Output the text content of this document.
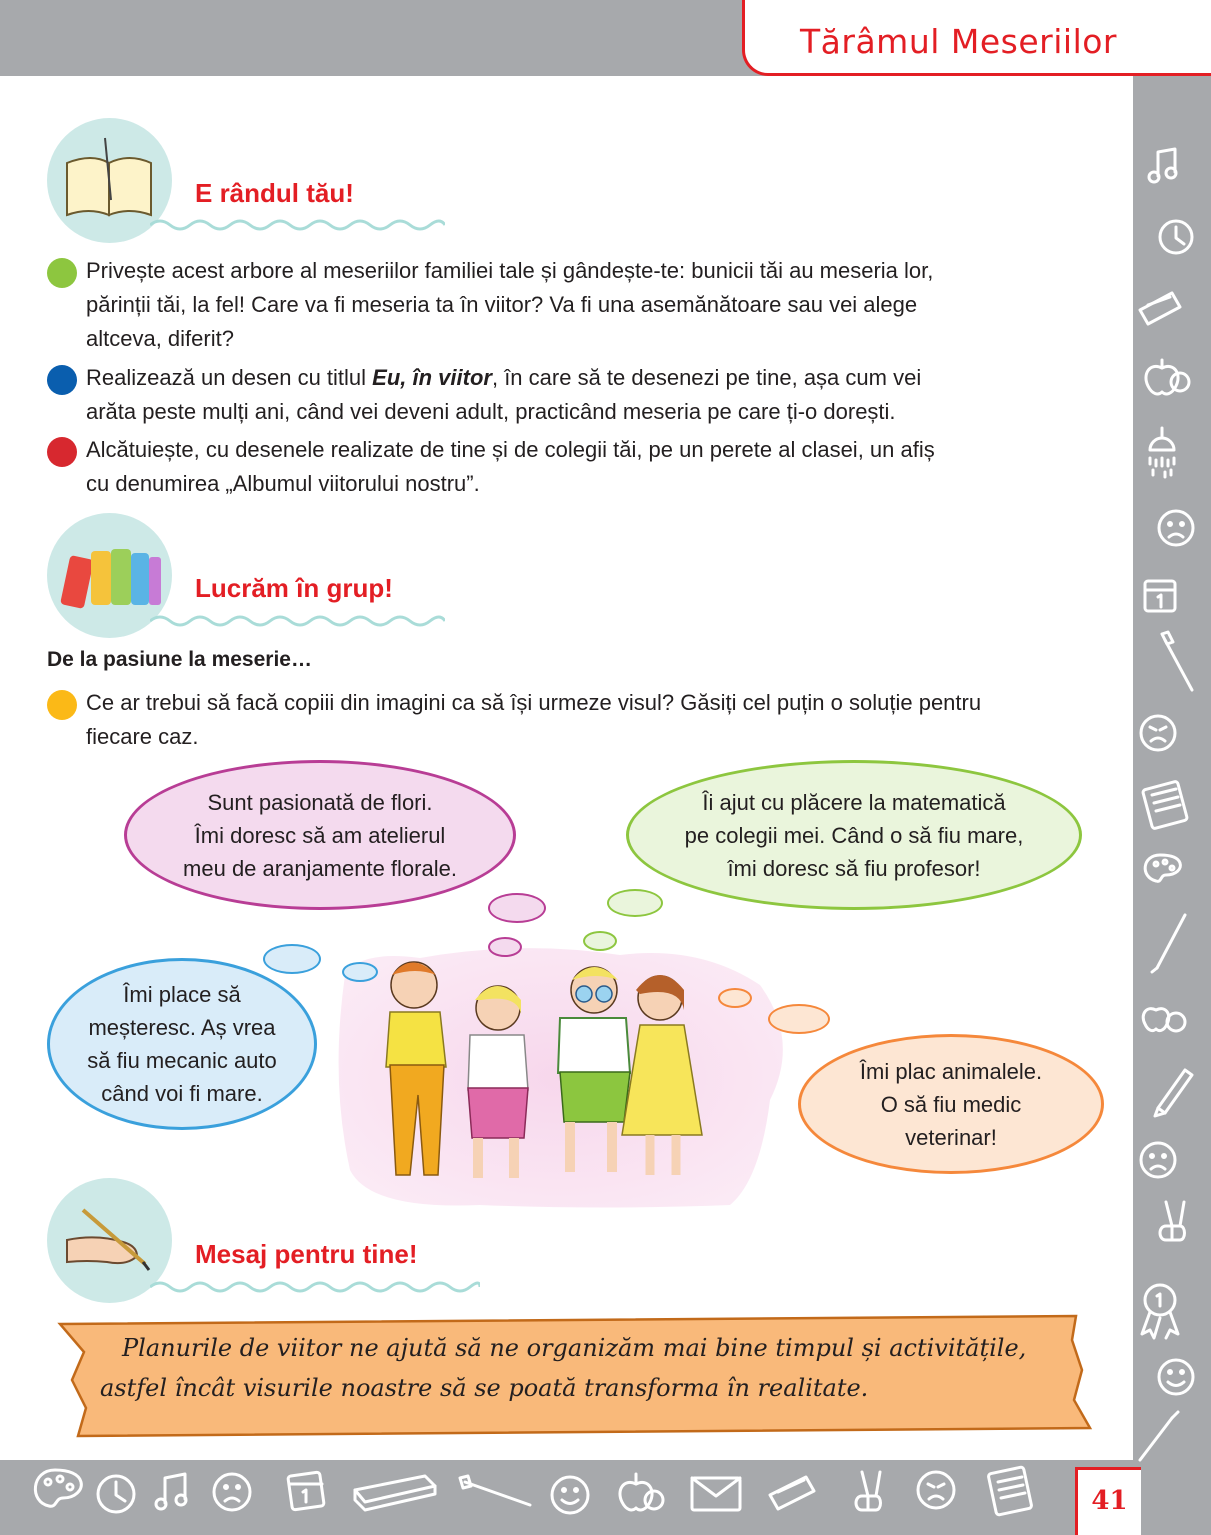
Tărâmul Meseriilor
41
E rândul tău!
Privește acest arbore al meseriilor familiei tale și gândește-te: bunicii tăi au meseria lor,
părinții tăi, la fel! Care va fi meseria ta în viitor? Va fi una asemănătoare sau vei alege
altceva, diferit?
Realizează un desen cu titlul Eu, în viitor, în care să te desenezi pe tine, așa cum vei
arăta peste mulți ani, când vei deveni adult, practicând meseria pe care ți-o dorești.
Alcătuiește, cu desenele realizate de tine și de colegii tăi, pe un perete al clasei, un afiș
cu denumirea „Albumul viitorului nostru”.
Lucrăm în grup!
De la pasiune la meserie…
Ce ar trebui să facă copiii din imagini ca să își urmeze visul? Găsiți cel puțin o soluție pentru
fiecare caz.
Sunt pasionată de flori.
Îmi doresc să am atelierul
meu de aranjamente florale.
Îi ajut cu plăcere la matematică
pe colegii mei. Când o să fiu mare,
îmi doresc să fiu profesor!
Îmi place să
meșteresc. Aș vrea
să fiu mecanic auto
când voi fi mare.
Îmi plac animalele.
O să fiu medic
veterinar!
Mesaj pentru tine!
Planurile de viitor ne ajută să ne organizăm mai bine timpul și activitățile,
astfel încât visurile noastre să se poată transforma în realitate.
